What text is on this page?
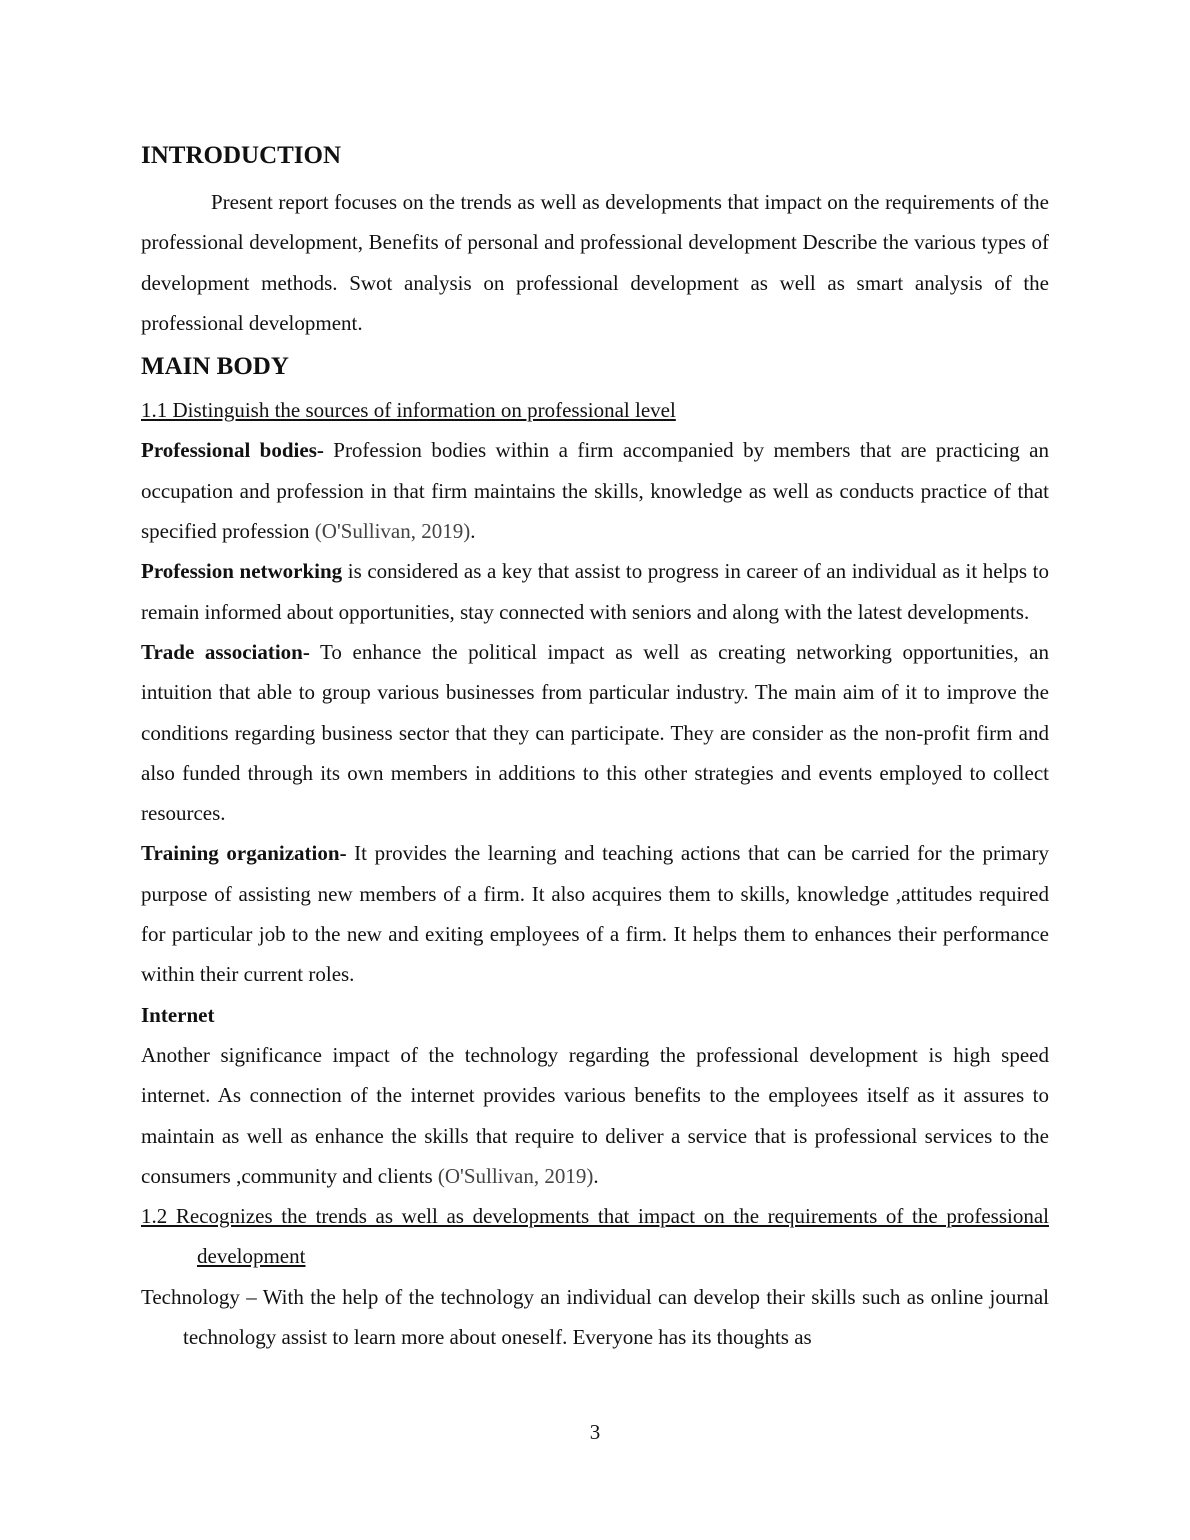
INTRODUCTION

Present report focuses on the trends as well as developments that impact on the requirements of the professional development, Benefits of personal and professional development Describe the various types of development methods. Swot analysis on professional development as well as smart analysis of the professional development.

MAIN BODY

1.1 Distinguish the sources of information on professional level

Professional bodies- Profession bodies within a firm accompanied by members that are practicing an occupation and profession in that firm maintains the skills, knowledge as well as conducts practice of that specified profession (O'Sullivan, 2019).

Profession networking is considered as a key that assist to progress in career of an individual as it helps to remain informed about opportunities, stay connected with seniors and along with the latest developments.

Trade association- To enhance the political impact as well as creating networking opportunities, an intuition that able to group various businesses from particular industry. The main aim of it to improve the conditions regarding business sector that they can participate. They are consider as the non-profit firm and also funded through its own members in additions to this other strategies and events employed to collect resources.

Training organization- It provides the learning and teaching actions that can be carried for the primary purpose of assisting new members of a firm. It also acquires them to skills, knowledge ,attitudes required for particular job to the new and exiting employees of a firm. It helps them to enhances their performance within their current roles.

Internet

Another significance impact of the technology regarding the professional development is high speed internet. As connection of the internet provides various benefits to the employees itself as it assures to maintain as well as enhance the skills that require to deliver a service that is professional services to the consumers ,community and clients (O'Sullivan, 2019).

1.2 Recognizes the trends as well as developments that impact on the requirements of the professional development

Technology – With the help of the technology an individual can develop their skills such as online journal technology assist to learn more about oneself. Everyone has its thoughts as

3
